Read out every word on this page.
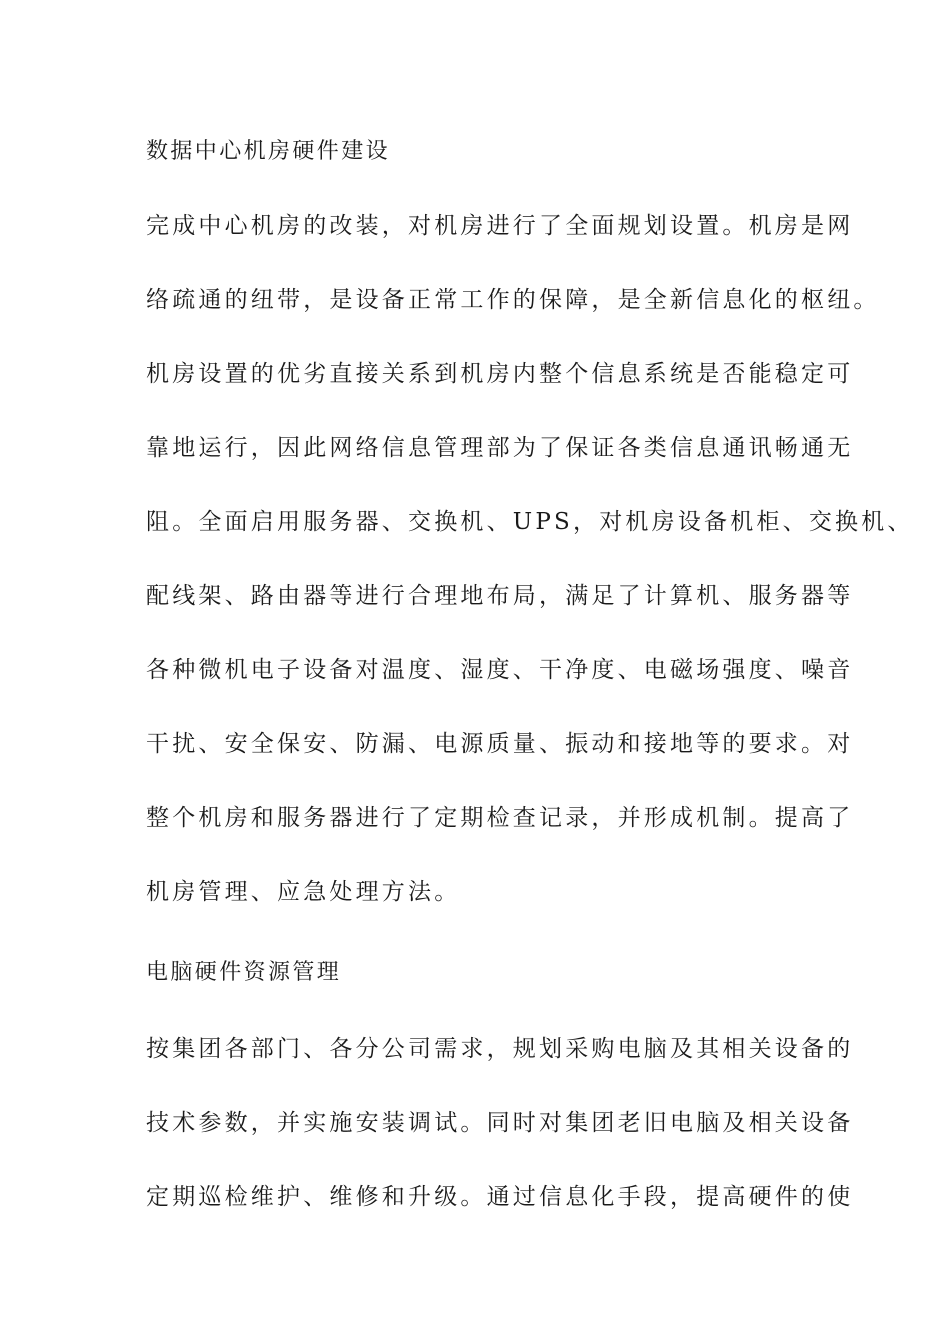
数据中心机房硬件建设
完成中心机房的改装，对机房进行了全面规划设置。机房是网
络疏通的纽带，是设备正常工作的保障，是全新信息化的枢纽。
机房设置的优劣直接关系到机房内整个信息系统是否能稳定可
靠地运行，因此网络信息管理部为了保证各类信息通讯畅通无
阻。全面启用服务器、交换机、UPS，对机房设备机柜、交换机、
配线架、路由器等进行合理地布局，满足了计算机、服务器等
各种微机电子设备对温度、湿度、干净度、电磁场强度、噪音
干扰、安全保安、防漏、电源质量、振动和接地等的要求。对
整个机房和服务器进行了定期检查记录，并形成机制。提高了
机房管理、应急处理方法。
电脑硬件资源管理
按集团各部门、各分公司需求，规划采购电脑及其相关设备的
技术参数，并实施安装调试。同时对集团老旧电脑及相关设备
定期巡检维护、维修和升级。通过信息化手段，提高硬件的使
